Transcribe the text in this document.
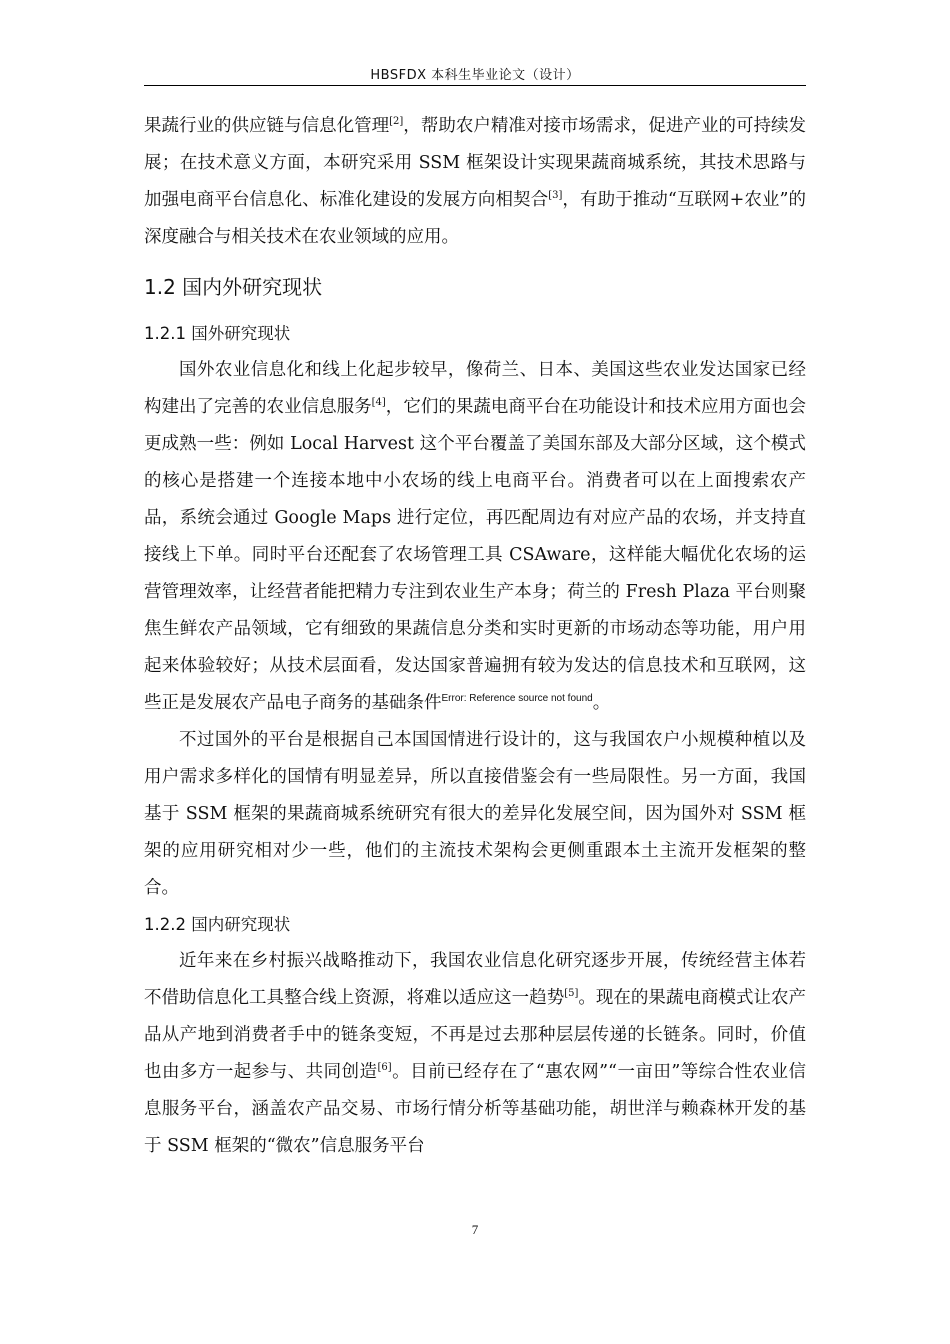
HBSFDX 本科生毕业论文（设计）

果蔬行业的供应链与信息化管理[2]，帮助农户精准对接市场需求，促进产业的可持续发展；在技术意义方面，本研究采用 SSM 框架设计实现果蔬商城系统，其技术思路与加强电商平台信息化、标准化建设的发展方向相契合[3]，有助于推动“互联网+农业”的深度融合与相关技术在农业领域的应用。

1.2 国内外研究现状
1.2.1 国外研究现状

国外农业信息化和线上化起步较早，像荷兰、日本、美国这些农业发达国家已经构建出了完善的农业信息服务[4]，它们的果蔬电商平台在功能设计和技术应用方面也会更成熟一些：例如 Local Harvest 这个平台覆盖了美国东部及大部分区域，这个模式的核心是搭建一个连接本地中小农场的线上电商平台。消费者可以在上面搜索农产品，系统会通过 Google Maps 进行定位，再匹配周边有对应产品的农场，并支持直接线上下单。同时平台还配套了农场管理工具 CSAware，这样能大幅优化农场的运营管理效率，让经营者能把精力专注到农业生产本身；荷兰的 Fresh Plaza 平台则聚焦生鲜农产品领域，它有细致的果蔬信息分类和实时更新的市场动态等功能，用户用起来体验较好；从技术层面看，发达国家普遍拥有较为发达的信息技术和互联网，这些正是发展农产品电子商务的基础条件$^{Error: Reference source not found}$。

不过国外的平台是根据自己本国国情进行设计的，这与我国农户小规模种植以及用户需求多样化的国情有明显差异，所以直接借鉴会有一些局限性。另一方面，我国基于 SSM 框架的果蔬商城系统研究有很大的差异化发展空间，因为国外对 SSM 框架的应用研究相对少一些，他们的主流技术架构会更侧重跟本土主流开发框架的整合。

1.2.2 国内研究现状

近年来在乡村振兴战略推动下，我国农业信息化研究逐步开展，传统经营主体若不借助信息化工具整合线上资源，将难以适应这一趋势[5]。现在的果蔬电商模式让农产品从产地到消费者手中的链条变短，不再是过去那种层层传递的长链条。同时，价值也由多方一起参与、共同创造[6]。目前已经存在了“惠农网”“一亩田”等综合性农业信息服务平台，涵盖农产品交易、市场行情分析等基础功能，胡世洋与赖森林开发的基于 SSM 框架的“微农”信息服务平台

7
